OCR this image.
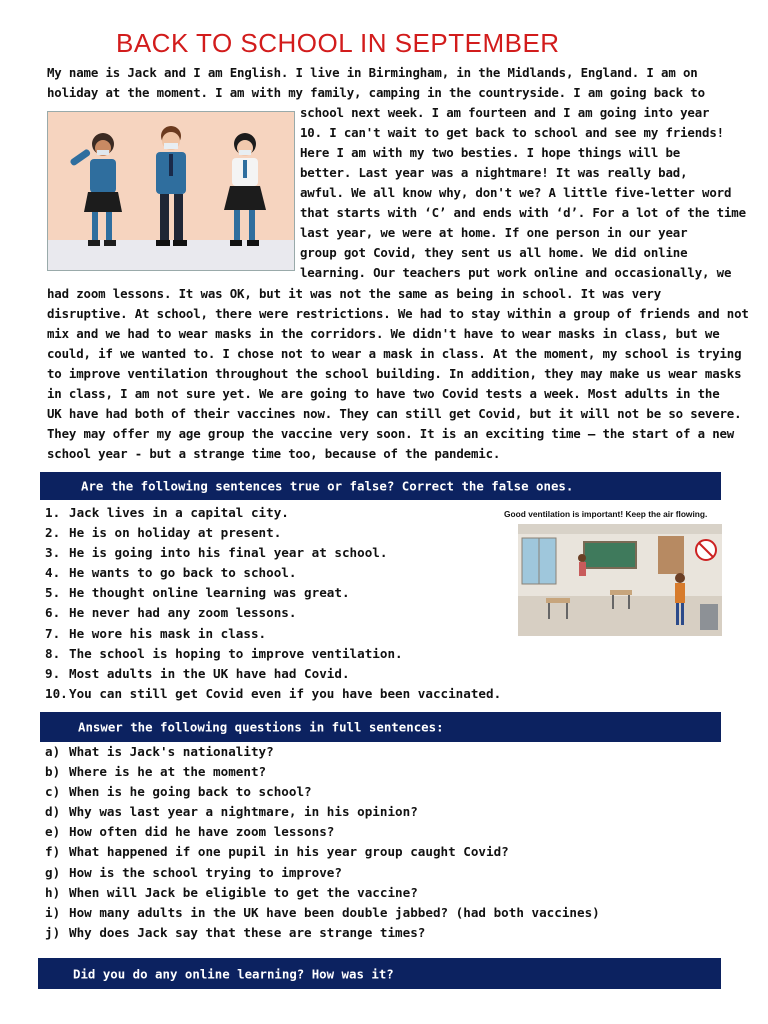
BACK TO SCHOOL IN SEPTEMBER
My name is Jack and I am English. I live in Birmingham, in the Midlands, England. I am on
holiday at the moment. I am with my family, camping in the countryside. I am going back to
school next week. I am fourteen and I am going into year
10. I can't wait to get back to school and see my friends!
Here I am with my two besties. I hope things will be
better. Last year was a nightmare! It was really bad,
awful. We all know why, don't we? A little five-letter word
that starts with ‘C’ and ends with ‘d’. For a lot of the time
last year, we were at home. If one person in our year
group got Covid, they sent us all home. We did online
learning. Our teachers put work online and occasionally, we
had zoom lessons. It was OK, but it was not the same as being in school. It was very
disruptive. At school, there were restrictions. We had to stay within a group of friends and not
mix and we had to wear masks in the corridors. We didn't have to wear masks in class, but we
could, if we wanted to. I chose not to wear a mask in class. At the moment, my school is trying
to improve ventilation throughout the school building. In addition, they may make us wear masks
in class, I am not sure yet. We are going to have two Covid tests a week. Most adults in the
UK have had both of their vaccines now. They can still get Covid, but it will not be so severe.
They may offer my age group the vaccine very soon. It is an exciting time – the start of a new
school year - but a strange time too, because of the pandemic.
Are the following sentences true or false? Correct the false ones.
1. Jack lives in a capital city.
2. He is on holiday at present.
3. He is going into his final year at school.
4. He wants to go back to school.
5. He thought online learning was great.
6. He never had any zoom lessons.
7. He wore his mask in class.
8. The school is hoping to improve ventilation.
9. Most adults in the UK have had Covid.
10.You can still get Covid even if you have been vaccinated.
Good ventilation is important! Keep the air flowing.
Answer the following questions in full sentences:
a) What is Jack's nationality?
b) Where is he at the moment?
c) When is he going back to school?
d) Why was last year a nightmare, in his opinion?
e) How often did he have zoom lessons?
f) What happened if one pupil in his year group caught Covid?
g) How is the school trying to improve?
h) When will Jack be eligible to get the vaccine?
i) How many adults in the UK have been double jabbed? (had both vaccines)
j) Why does Jack say that these are strange times?
Did you do any online learning? How was it?
